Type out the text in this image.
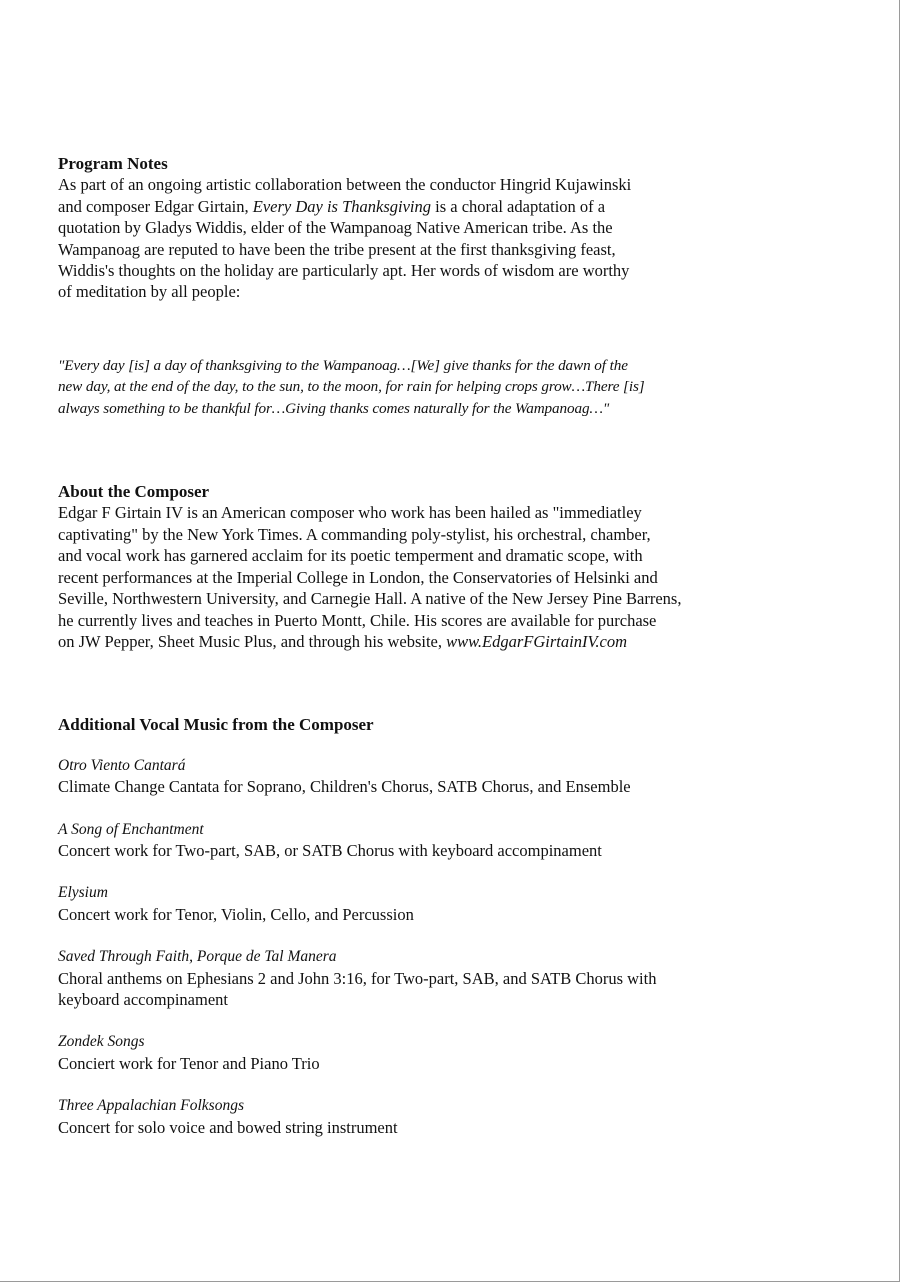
Program Notes

As part of an ongoing artistic collaboration between the conductor Hingrid Kujawinski
and composer Edgar Girtain, Every Day is Thanksgiving is a choral adaptation of a
quotation by Gladys Widdis, elder of the Wampanoag Native American tribe. As the
Wampanoag are reputed to have been the tribe present at the first thanksgiving feast,
Widdis's thoughts on the holiday are particularly apt. Her words of wisdom are worthy
of meditation by all people:

"Every day [is] a day of thanksgiving to the Wampanoag…[We] give thanks for the dawn of the
new day, at the end of the day, to the sun, to the moon, for rain for helping crops grow…There [is]
always something to be thankful for…Giving thanks comes naturally for the Wampanoag…"

About the Composer

Edgar F Girtain IV is an American composer who work has been hailed as "immediatley
captivating" by the New York Times. A commanding poly-stylist, his orchestral, chamber,
and vocal work has garnered acclaim for its poetic temperment and dramatic scope, with
recent performances at the Imperial College in London, the Conservatories of Helsinki and
Seville, Northwestern University, and Carnegie Hall. A native of the New Jersey Pine Barrens,
he currently lives and teaches in Puerto Montt, Chile. His scores are available for purchase
on JW Pepper, Sheet Music Plus, and through his website, www.EdgarFGirtainIV.com

Additional Vocal Music from the Composer
Otro Viento Cantará
Climate Change Cantata for Soprano, Children's Chorus, SATB Chorus, and Ensemble
A Song of Enchantment
Concert work for Two-part, SAB, or SATB Chorus with keyboard accompinament
Elysium
Concert work for Tenor, Violin, Cello, and Percussion
Saved Through Faith, Porque de Tal Manera
Choral anthems on Ephesians 2 and John 3:16, for Two-part, SAB, and SATB Chorus with
keyboard accompinament
Zondek Songs
Conciert work for Tenor and Piano Trio
Three Appalachian Folksongs
Concert for solo voice and bowed string instrument
